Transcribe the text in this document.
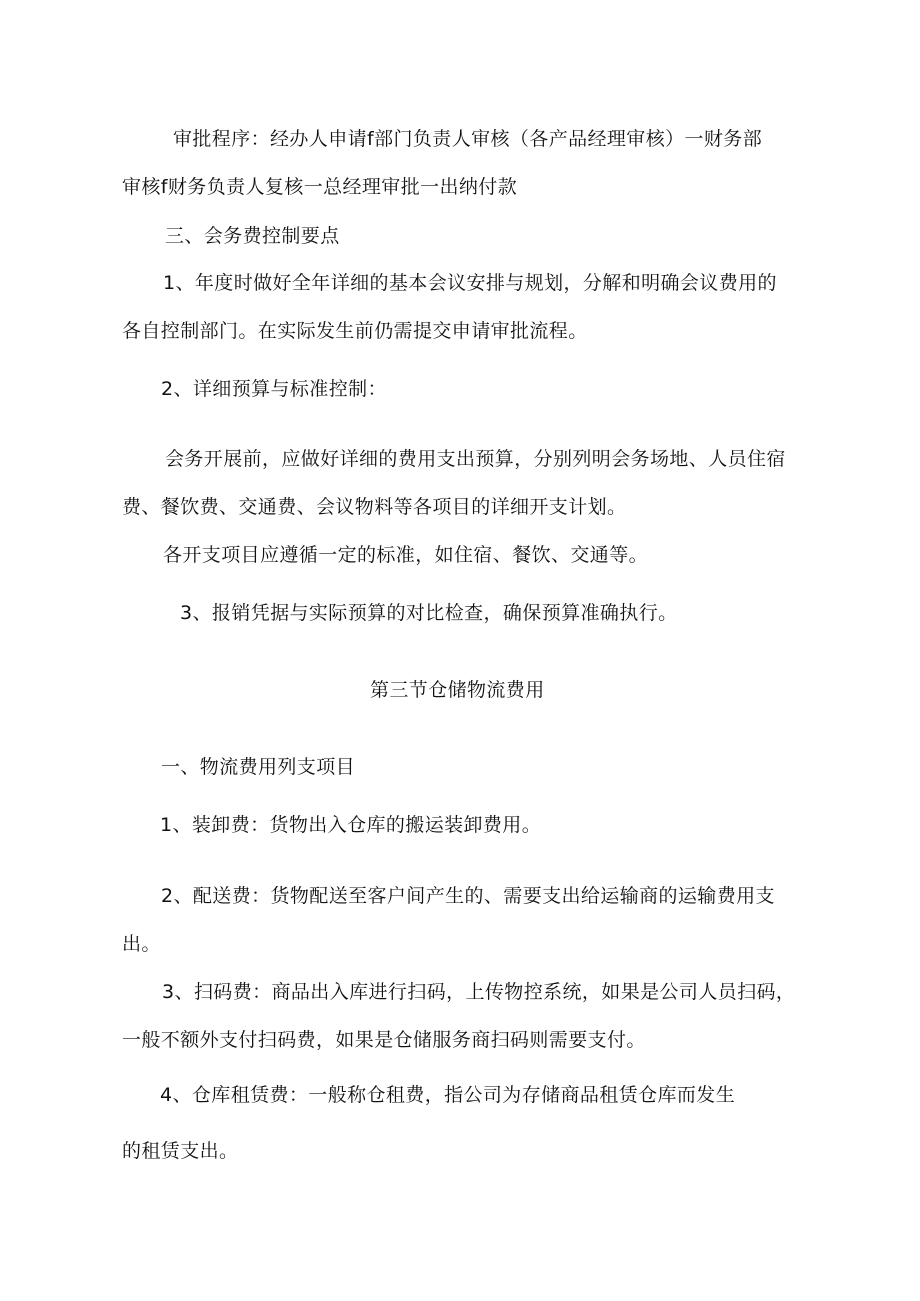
审批程序：经办人申请f部门负责人审核（各产品经理审核）一财务部
审核f财务负责人复核一总经理审批一出纳付款
三、会务费控制要点
1、年度时做好全年详细的基本会议安排与规划，分解和明确会议费用的
各自控制部门。在实际发生前仍需提交申请审批流程。
2、详细预算与标准控制：
会务开展前，应做好详细的费用支出预算，分别列明会务场地、人员住宿
费、餐饮费、交通费、会议物料等各项目的详细开支计划。
各开支项目应遵循一定的标准，如住宿、餐饮、交通等。
3、报销凭据与实际预算的对比检查，确保预算准确执行。
第三节仓储物流费用
一、物流费用列支项目
1、装卸费：货物出入仓库的搬运装卸费用。
2、配送费：货物配送至客户间产生的、需要支出给运输商的运输费用支
出。
3、扫码费：商品出入库进行扫码，上传物控系统，如果是公司人员扫码，
一般不额外支付扫码费，如果是仓储服务商扫码则需要支付。
4、仓库租赁费：一般称仓租费，指公司为存储商品租赁仓库而发生
的租赁支出。
